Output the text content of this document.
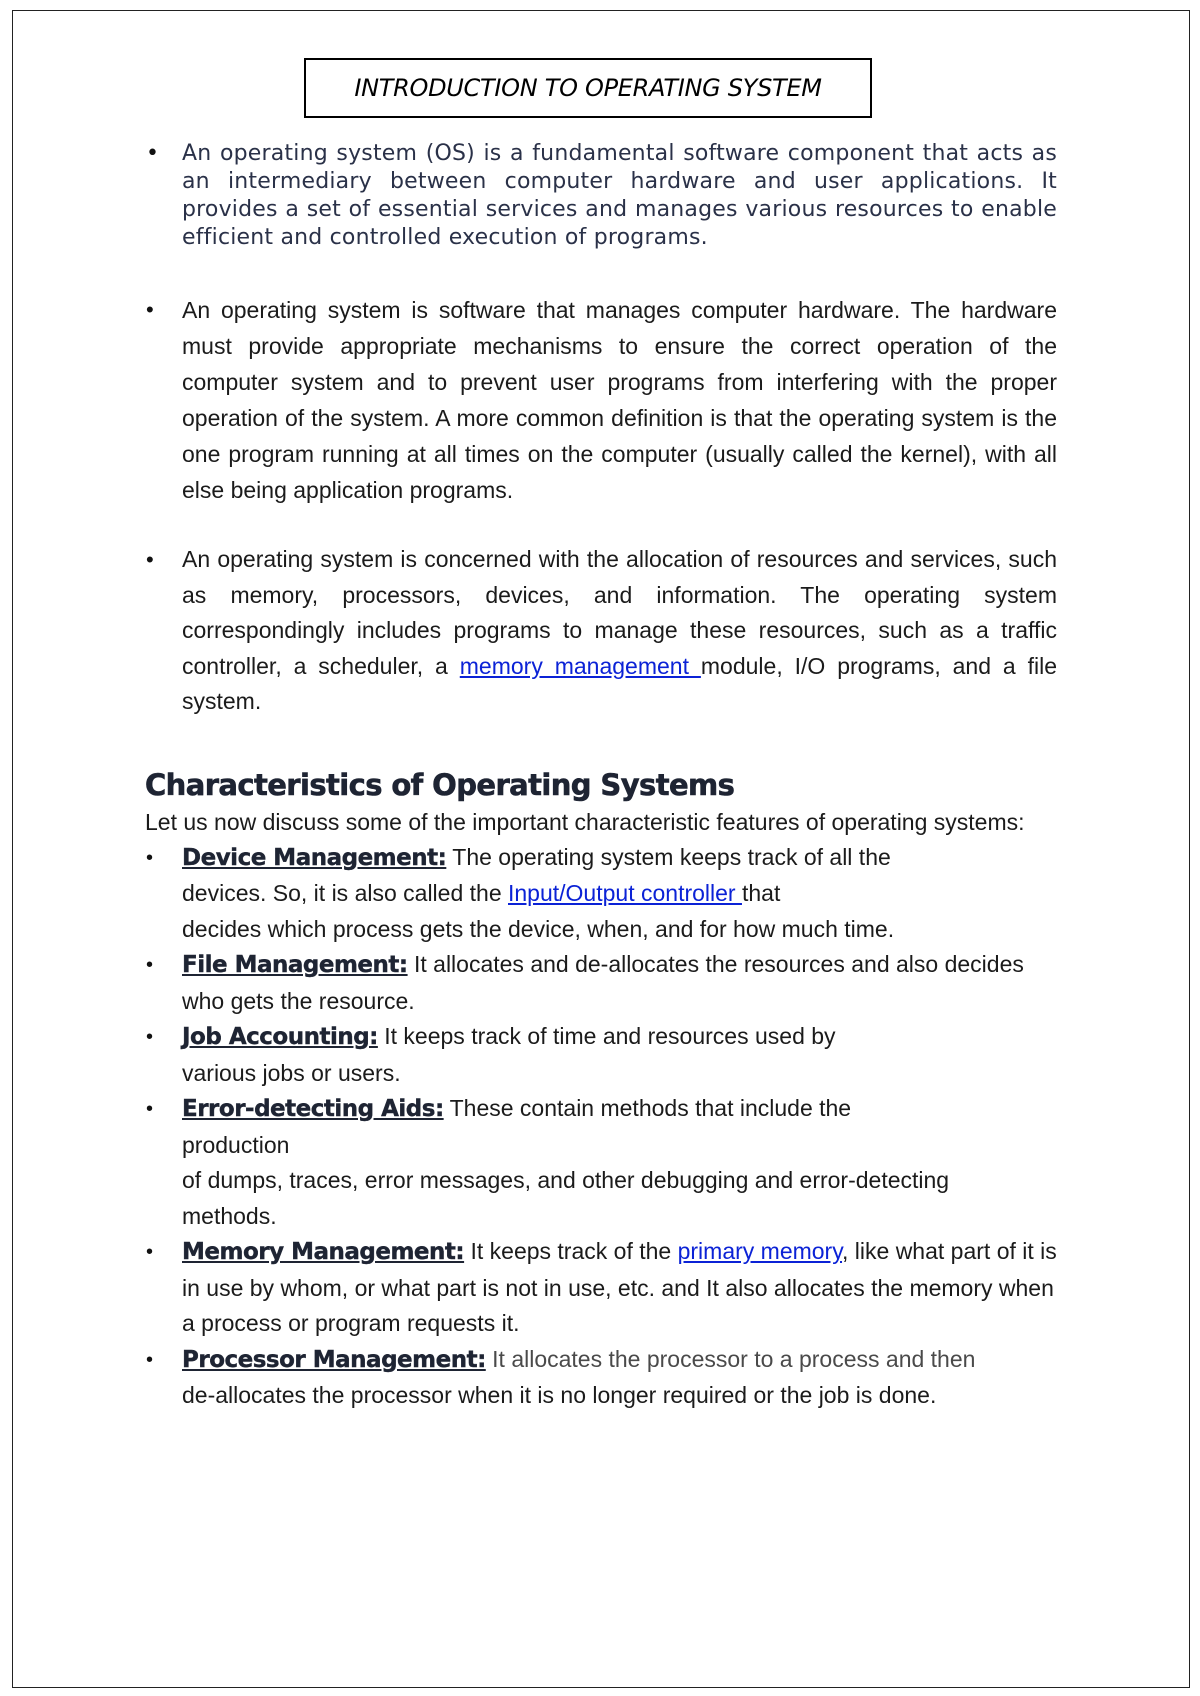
INTRODUCTION TO OPERATING SYSTEM
• An operating system (OS) is a fundamental software component that acts as an intermediary between computer hardware and user applications. It provides a set of essential services and manages various resources to enable efficient and controlled execution of programs.
• An operating system is software that manages computer hardware. The hardware must provide appropriate mechanisms to ensure the correct operation of the computer system and to prevent user programs from interfering with the proper operation of the system. A more common definition is that the operating system is the one program running at all times on the computer (usually called the kernel), with all else being application programs.
• An operating system is concerned with the allocation of resources and services, such as memory, processors, devices, and information. The operating system correspondingly includes programs to manage these resources, such as a traffic controller, a scheduler, a memory management module, I/O programs, and a file system.
Characteristics of Operating Systems
Let us now discuss some of the important characteristic features of operating systems:
• Device Management: The operating system keeps track of all the
devices. So, it is also called the Input/Output controller that
decides which process gets the device, when, and for how much time.
• File Management: It allocates and de-allocates the resources and also decides who gets the resource.
• Job Accounting: It keeps track of time and resources used by
various jobs or users.
• Error-detecting Aids: These contain methods that include the
production
of dumps, traces, error messages, and other debugging and error-detecting methods.
• Memory Management: It keeps track of the primary memory, like what part of it is in use by whom, or what part is not in use, etc. and It also allocates the memory when a process or program requests it.
• Processor Management: It allocates the processor to a process and then
de-allocates the processor when it is no longer required or the job is done.
